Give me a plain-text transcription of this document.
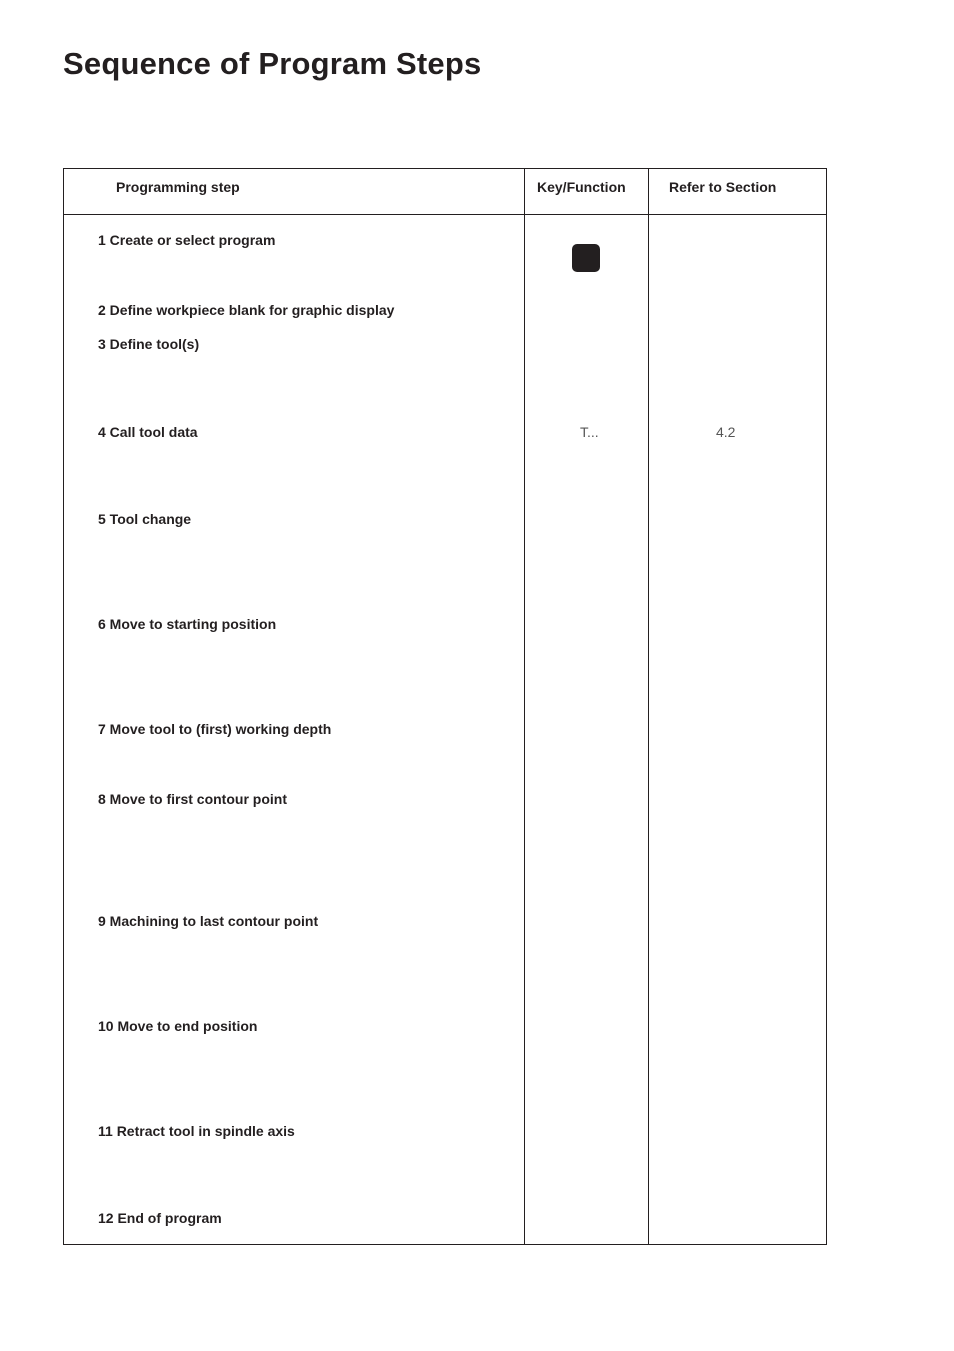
Sequence of Program Steps
Programming step	Key/Function	Refer to Section
1 Create or select program
2 Define workpiece blank for graphic display
3 Define tool(s)
4 Call tool data	T...	4.2
5 Tool change
6 Move to starting position
7 Move tool to (first) working depth
8 Move to first contour point
9 Machining to last contour point
10 Move to end position
11 Retract tool in spindle axis
12 End of program
